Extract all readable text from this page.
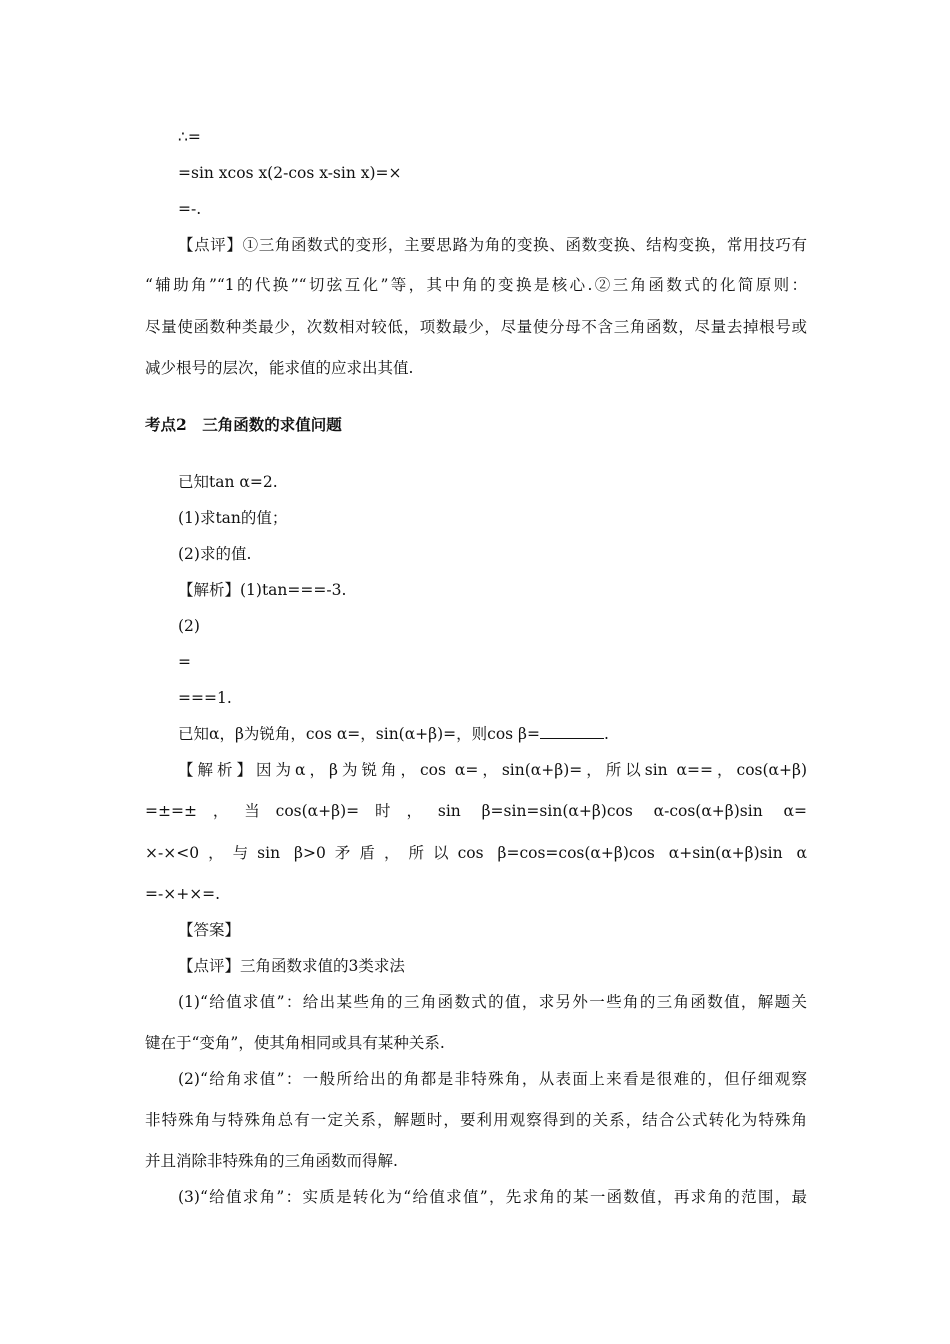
∴=
=sin xcos x(2-cos x-sin x)=×
=-.
【点评】①三角函数式的变形，主要思路为角的变换、函数变换、结构变换，常用技巧有
“辅助角”“1的代换”“切弦互化”等，其中角的变换是核心.②三角函数式的化简原则：
尽量使函数种类最少，次数相对较低，项数最少，尽量使分母不含三角函数，尽量去掉根号或
减少根号的层次，能求值的应求出其值.
考点2　三角函数的求值问题
已知tan α=2.
(1)求tan的值；
(2)求的值.
【解析】(1)tan===-3.
(2)
=
===1.
已知α，β为锐角，cos α=，sin(α+β)=，则cos β=	.
【解析】因为α，β为锐角，cos α=，sin(α+β)=，所以sin α==，cos(α+β)
=±=±，当cos(α+β)=时，sin β=sin=sin(α+β)cos α-cos(α+β)sin α=
×-×<0，与sin β>0矛盾，所以cos β=cos=cos(α+β)cos α+sin(α+β)sin α
=-×+×=.
【答案】
【点评】三角函数求值的3类求法
(1)“给值求值”：给出某些角的三角函数式的值，求另外一些角的三角函数值，解题关
键在于“变角”，使其角相同或具有某种关系.
(2)“给角求值”：一般所给出的角都是非特殊角，从表面上来看是很难的，但仔细观察
非特殊角与特殊角总有一定关系，解题时，要利用观察得到的关系，结合公式转化为特殊角
并且消除非特殊角的三角函数而得解.
(3)“给值求角”：实质是转化为“给值求值”，先求角的某一函数值，再求角的范围，最
